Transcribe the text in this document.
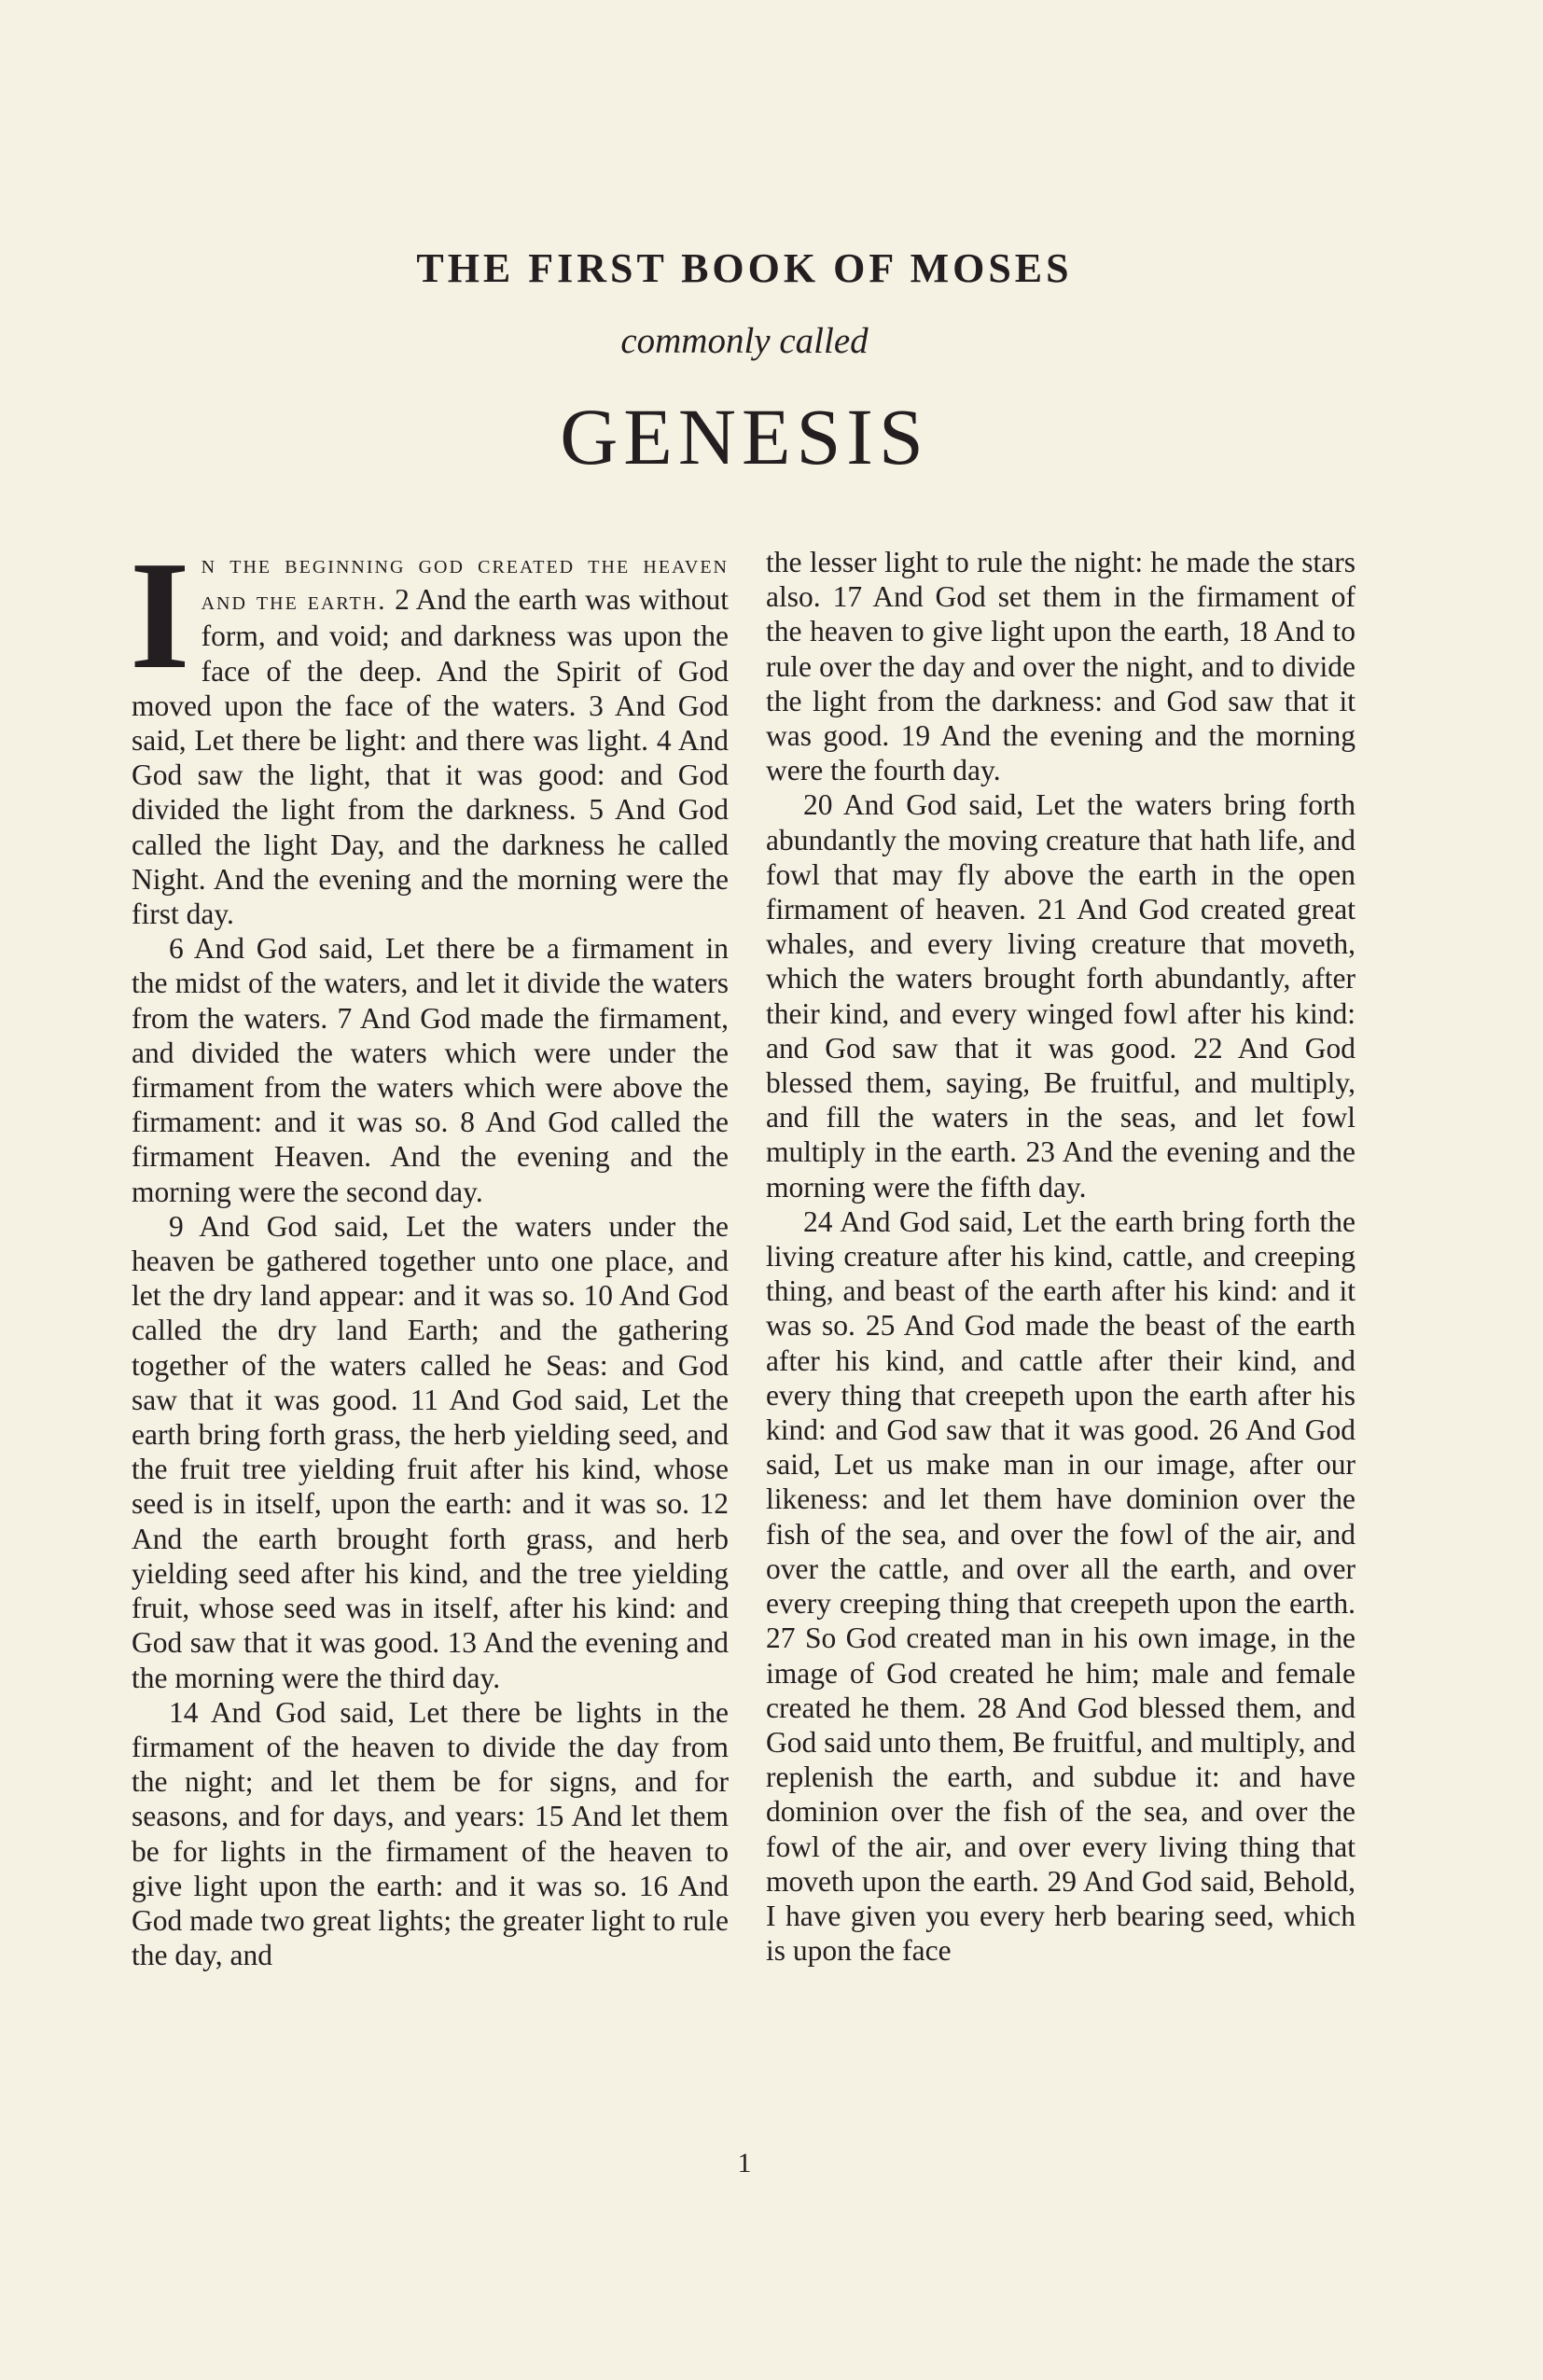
THE FIRST BOOK OF MOSES
commonly called
GENESIS

In the beginning god created the heaven and the earth. 2 And the earth was without form, and void; and darkness was upon the face of the deep. And the Spirit of God moved upon the face of the waters. 3 And God said, Let there be light: and there was light. 4 And God saw the light, that it was good: and God divided the light from the darkness. 5 And God called the light Day, and the darkness he called Night. And the evening and the morning were the first day.

6 And God said, Let there be a firmament in the midst of the waters, and let it divide the waters from the waters. 7 And God made the firmament, and divided the waters which were under the firmament from the waters which were above the firmament: and it was so. 8 And God called the firmament Heaven. And the evening and the morning were the second day.

9 And God said, Let the waters under the heaven be gathered together unto one place, and let the dry land appear: and it was so. 10 And God called the dry land Earth; and the gathering together of the waters called he Seas: and God saw that it was good. 11 And God said, Let the earth bring forth grass, the herb yielding seed, and the fruit tree yielding fruit after his kind, whose seed is in itself, upon the earth: and it was so. 12 And the earth brought forth grass, and herb yielding seed after his kind, and the tree yielding fruit, whose seed was in itself, after his kind: and God saw that it was good. 13 And the evening and the morning were the third day.

14 And God said, Let there be lights in the firmament of the heaven to divide the day from the night; and let them be for signs, and for seasons, and for days, and years: 15 And let them be for lights in the firmament of the heaven to give light upon the earth: and it was so. 16 And God made two great lights; the greater light to rule the day, and

the lesser light to rule the night: he made the stars also. 17 And God set them in the firmament of the heaven to give light upon the earth, 18 And to rule over the day and over the night, and to divide the light from the darkness: and God saw that it was good. 19 And the evening and the morning were the fourth day.

20 And God said, Let the waters bring forth abundantly the moving creature that hath life, and fowl that may fly above the earth in the open firmament of heaven. 21 And God created great whales, and every living creature that moveth, which the waters brought forth abundantly, after their kind, and every winged fowl after his kind: and God saw that it was good. 22 And God blessed them, saying, Be fruitful, and multiply, and fill the waters in the seas, and let fowl multiply in the earth. 23 And the evening and the morning were the fifth day.

24 And God said, Let the earth bring forth the living creature after his kind, cattle, and creeping thing, and beast of the earth after his kind: and it was so. 25 And God made the beast of the earth after his kind, and cattle after their kind, and every thing that creepeth upon the earth after his kind: and God saw that it was good. 26 And God said, Let us make man in our image, after our likeness: and let them have dominion over the fish of the sea, and over the fowl of the air, and over the cattle, and over all the earth, and over every creeping thing that creepeth upon the earth. 27 So God created man in his own image, in the image of God created he him; male and female created he them. 28 And God blessed them, and God said unto them, Be fruitful, and multiply, and replenish the earth, and subdue it: and have dominion over the fish of the sea, and over the fowl of the air, and over every living thing that moveth upon the earth. 29 And God said, Behold, I have given you every herb bearing seed, which is upon the face

1
